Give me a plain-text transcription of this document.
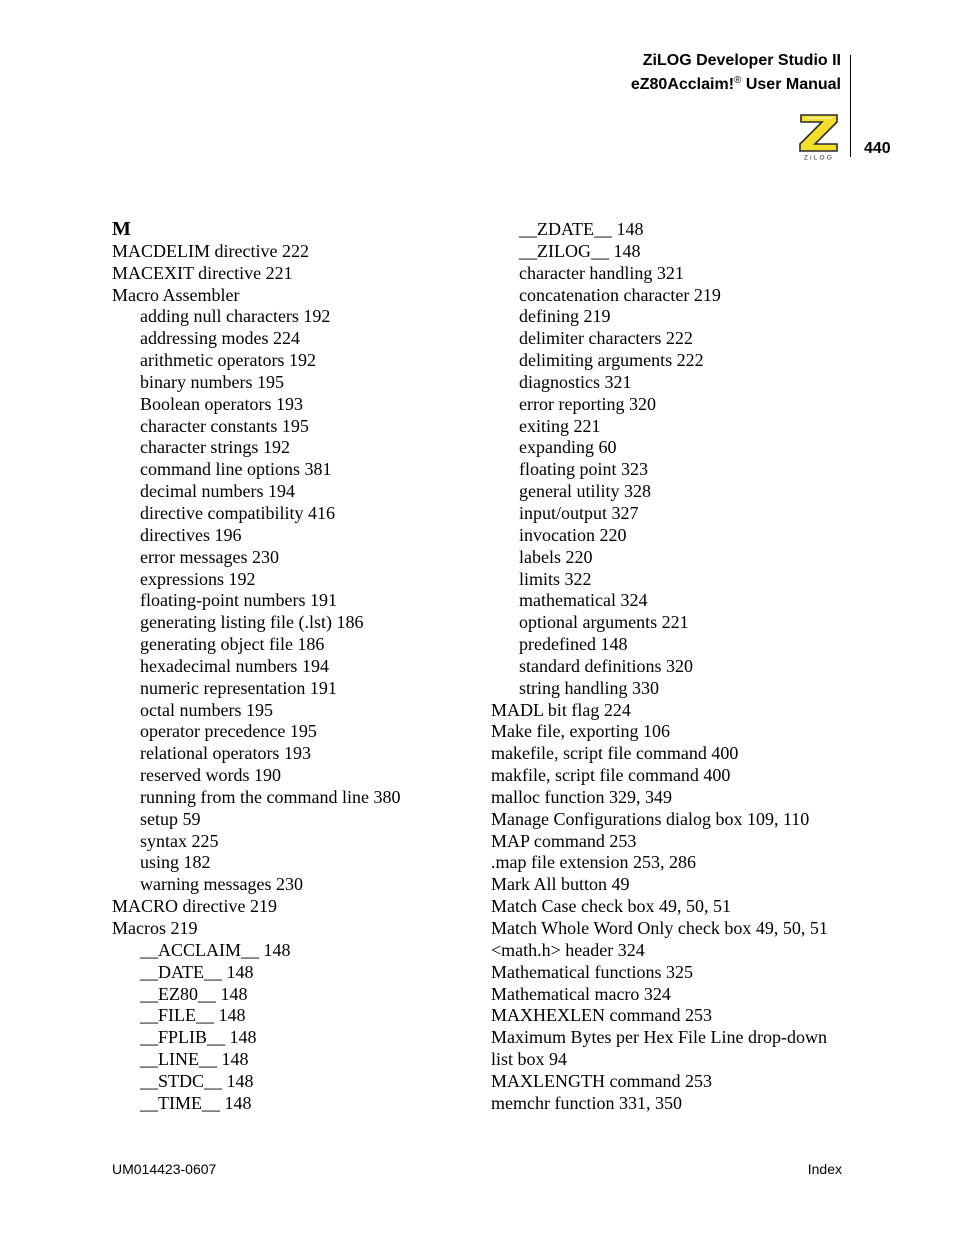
ZiLOG Developer Studio II
eZ80Acclaim!® User Manual
440
ZiLOG
M
MACDELIM directive 222
MACEXIT directive 221
Macro Assembler
adding null characters 192
addressing modes 224
arithmetic operators 192
binary numbers 195
Boolean operators 193
character constants 195
character strings 192
command line options 381
decimal numbers 194
directive compatibility 416
directives 196
error messages 230
expressions 192
floating-point numbers 191
generating listing file (.lst) 186
generating object file 186
hexadecimal numbers 194
numeric representation 191
octal numbers 195
operator precedence 195
relational operators 193
reserved words 190
running from the command line 380
setup 59
syntax 225
using 182
warning messages 230
MACRO directive 219
Macros 219
__ACCLAIM__ 148
__DATE__ 148
__EZ80__ 148
__FILE__ 148
__FPLIB__ 148
__LINE__ 148
__STDC__ 148
__TIME__ 148
__ZDATE__ 148
__ZILOG__ 148
character handling 321
concatenation character 219
defining 219
delimiter characters 222
delimiting arguments 222
diagnostics 321
error reporting 320
exiting 221
expanding 60
floating point 323
general utility 328
input/output 327
invocation 220
labels 220
limits 322
mathematical 324
optional arguments 221
predefined 148
standard definitions 320
string handling 330
MADL bit flag 224
Make file, exporting 106
makefile, script file command 400
makfile, script file command 400
malloc function 329, 349
Manage Configurations dialog box 109, 110
MAP command 253
.map file extension 253, 286
Mark All button 49
Match Case check box 49, 50, 51
Match Whole Word Only check box 49, 50, 51
<math.h> header 324
Mathematical functions 325
Mathematical macro 324
MAXHEXLEN command 253
Maximum Bytes per Hex File Line drop-down
list box 94
MAXLENGTH command 253
memchr function 331, 350
UM014423-0607	Index
